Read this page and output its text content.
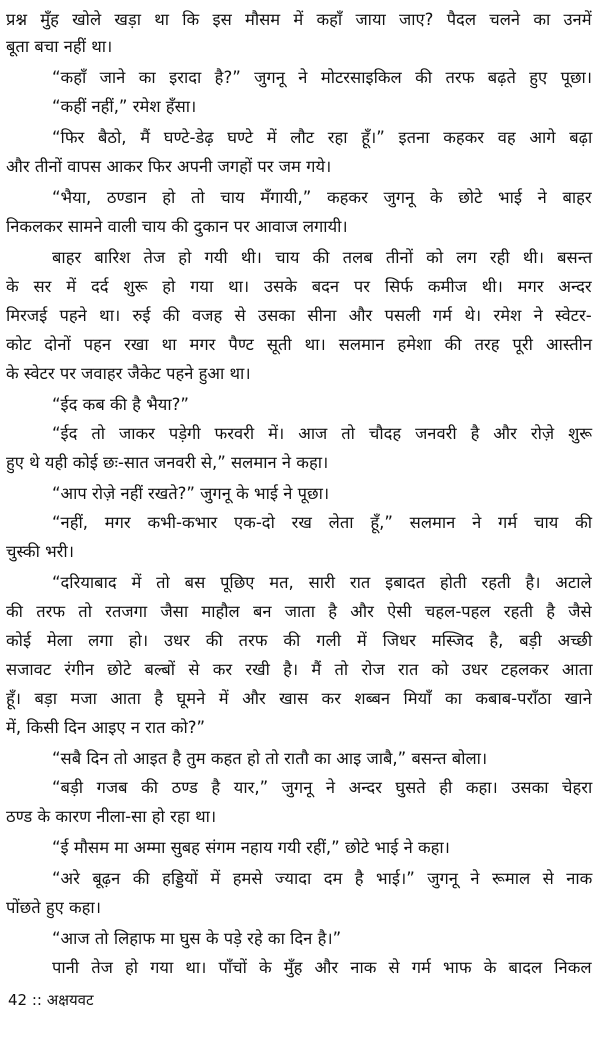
प्रश्न मुँह खोले खड़ा था कि इस मौसम में कहाँ जाया जाए? पैदल चलने का उनमें
बूता बचा नहीं था।
“कहाँ जाने का इरादा है?” जुगनू ने मोटरसाइकिल की तरफ बढ़ते हुए पूछा।
“कहीं नहीं,” रमेश हँसा।
“फिर बैठो, मैं घण्टे-डेढ़ घण्टे में लौट रहा हूँ।” इतना कहकर वह आगे बढ़ा
और तीनों वापस आकर फिर अपनी जगहों पर जम गये।
“भैया, ठण्डान हो तो चाय मँगायी,” कहकर जुगनू के छोटे भाई ने बाहर
निकलकर सामने वाली चाय की दुकान पर आवाज लगायी।
बाहर बारिश तेज हो गयी थी। चाय की तलब तीनों को लग रही थी। बसन्त
के सर में दर्द शुरू हो गया था। उसके बदन पर सिर्फ कमीज थी। मगर अन्दर
मिरजई पहने था। रुई की वजह से उसका सीना और पसली गर्म थे। रमेश ने स्वेटर-
कोट दोनों पहन रखा था मगर पैण्ट सूती था। सलमान हमेशा की तरह पूरी आस्तीन
के स्वेटर पर जवाहर जैकेट पहने हुआ था।
“ईद कब की है भैया?”
“ईद तो जाकर पड़ेगी फरवरी में। आज तो चौदह जनवरी है और रोज़े शुरू
हुए थे यही कोई छः-सात जनवरी से,” सलमान ने कहा।
“आप रोज़े नहीं रखते?” जुगनू के भाई ने पूछा।
“नहीं, मगर कभी-कभार एक-दो रख लेता हूँ,” सलमान ने गर्म चाय की
चुस्की भरी।
“दरियाबाद में तो बस पूछिए मत, सारी रात इबादत होती रहती है। अटाले
की तरफ तो रतजगा जैसा माहौल बन जाता है और ऐसी चहल-पहल रहती है जैसे
कोई मेला लगा हो। उधर की तरफ की गली में जिधर मस्जिद है, बड़ी अच्छी
सजावट रंगीन छोटे बल्बों से कर रखी है। मैं तो रोज रात को उधर टहलकर आता
हूँ। बड़ा मजा आता है घूमने में और खास कर शब्बन मियाँ का कबाब-पराँठा खाने
में, किसी दिन आइए न रात को?”
“सबै दिन तो आइत है तुम कहत हो तो रातौ का आइ जाबै,” बसन्त बोला।
“बड़ी गजब की ठण्ड है यार,” जुगनू ने अन्दर घुसते ही कहा। उसका चेहरा
ठण्ड के कारण नीला-सा हो रहा था।
“ई मौसम मा अम्मा सुबह संगम नहाय गयी रहीं,” छोटे भाई ने कहा।
“अरे बूढ़न की हड्डियों में हमसे ज्यादा दम है भाई।” जुगनू ने रूमाल से नाक
पोंछते हुए कहा।
“आज तो लिहाफ मा घुस के पड़े रहे का दिन है।”
पानी तेज हो गया था। पाँचों के मुँह और नाक से गर्म भाफ के बादल निकल
42 :: अक्षयवट
